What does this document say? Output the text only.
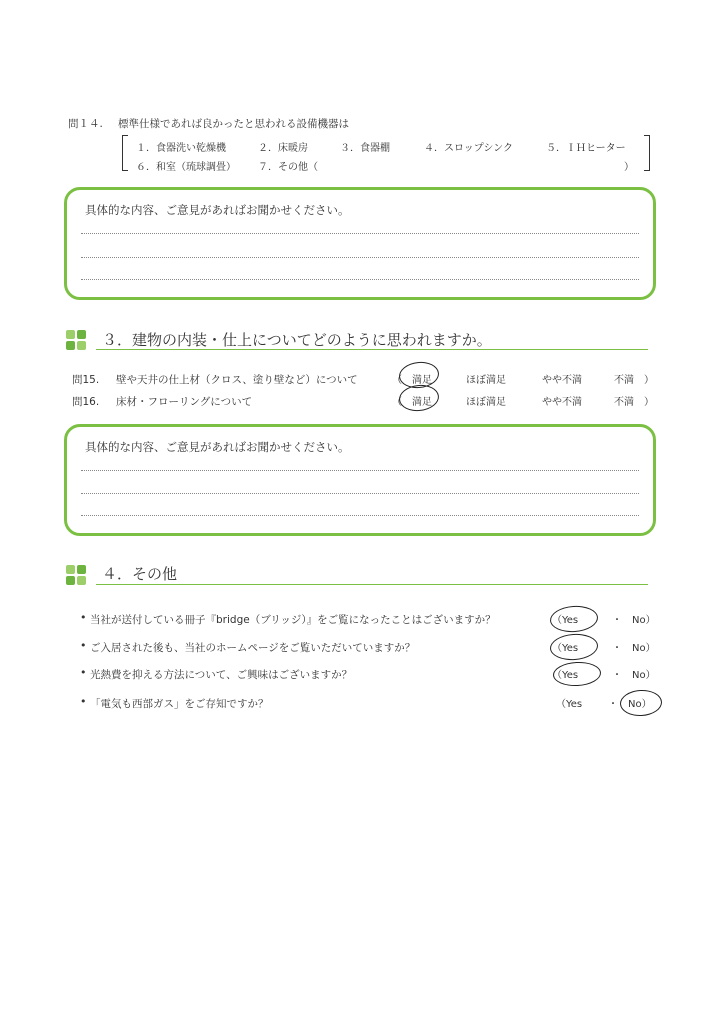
問１４. 標準仕様であれば良かったと思われる設備機器は
１．食器洗い乾燥機	２．床暖房	３．食器棚	４．スロップシンク	５．ＩＨヒーター
６．和室（琉球調畳） ７．その他（	）
具体的な内容、ご意見があればお聞かせください。
３．建物の内装・仕上についてどのように思われますか。
問15. 壁や天井の仕上材（クロス、塗り壁など）について	（ 満足	ほぼ満足	やや不満	不満 ）
問16. 床材・フローリングについて	（ 満足	ほぼ満足	やや不満	不満 ）
具体的な内容、ご意見があればお聞かせください。
４．その他
• 当社が送付している冊子『bridge（ブリッジ）』をご覧になったことはございますか？	（Yes	・ No）
• ご入居された後も、当社のホームページをご覧いただいていますか？	（Yes	・ No）
• 光熱費を抑える方法について、ご興味はございますか？	（Yes	・ No）
• 「電気も西部ガス」をご存知ですか？	（Yes	・ No）
